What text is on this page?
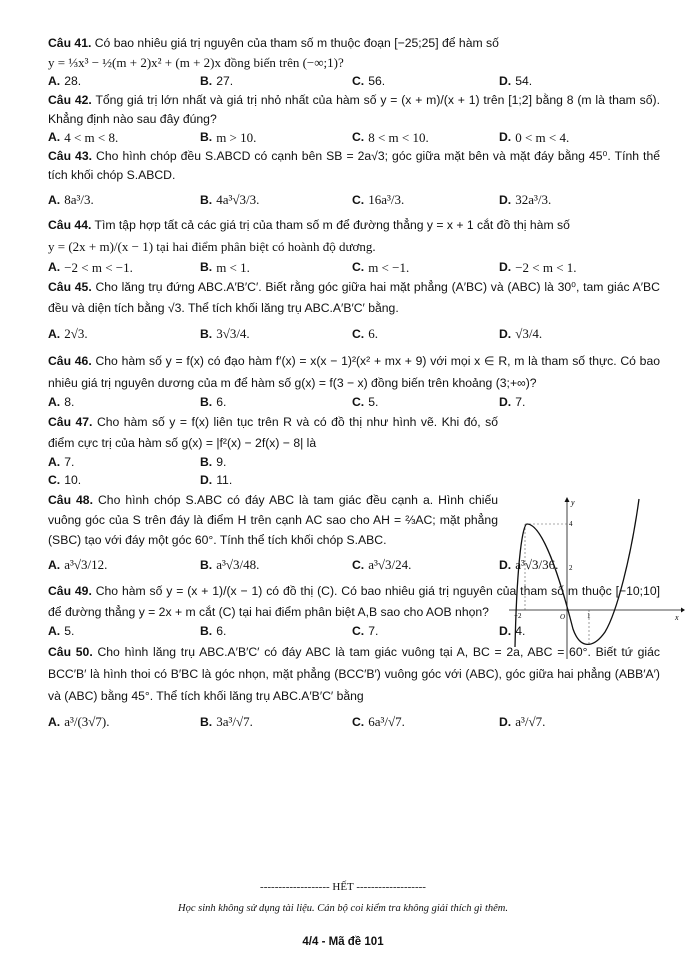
Câu 41. Có bao nhiêu giá trị nguyên của tham số m thuộc đoạn [−25;25] để hàm số

y = ⅓x³ − ½(m + 2)x² + (m + 2)x đồng biến trên (−∞;1)?

A. 28.	B. 27.	C. 56.	D. 54.

Câu 42. Tổng giá trị lớn nhất và giá trị nhỏ nhất của hàm số y = (x + m)/(x + 1) trên [1;2] bằng 8 (m là tham số). Khẳng định nào sau đây đúng?

A. 4 < m < 8.	B. m > 10.	C. 8 < m < 10.	D. 0 < m < 4.

Câu 43. Cho hình chóp đều S.ABCD có cạnh bên SB = 2a√3; góc giữa mặt bên và mặt đáy bằng 45⁰. Tính thể tích khối chóp S.ABCD.

A. 8a³/3.	B. 4a³√3/3.	C. 16a³/3.	D. 32a³/3.

Câu 44. Tìm tập hợp tất cả các giá trị của tham số m để đường thẳng y = x + 1 cắt đồ thị hàm số

y = (2x + m)/(x − 1) tại hai điểm phân biệt có hoành độ dương.

A. −2 < m < −1.	B. m < 1.	C. m < −1.	D. −2 < m < 1.

Câu 45. Cho lăng trụ đứng ABC.A′B′C′. Biết rằng góc giữa hai mặt phẳng (A′BC) và (ABC) là 30⁰, tam giác A′BC đều và diện tích bằng √3. Thể tích khối lăng trụ ABC.A′B′C′ bằng.

A. 2√3.	B. 3√3/4.	C. 6.	D. √3/4.

Câu 46. Cho hàm số y = f(x) có đạo hàm f′(x) = x(x − 1)²(x² + mx + 9) với mọi x ∈ R, m là tham số thực. Có bao nhiêu giá trị nguyên dương của m để hàm số g(x) = f(3 − x) đồng biến trên khoảng (3;+∞)?

A. 8.	B. 6.	C. 5.	D. 7.

Câu 47. Cho hàm số y = f(x) liên tục trên R và có đồ thị như hình vẽ. Khi đó, số điểm cực trị của hàm số g(x) = |f²(x) − 2f(x) − 8| là

A. 7.	B. 9.
C. 10.	D. 11.

Câu 48. Cho hình chóp S.ABC có đáy ABC là tam giác đều cạnh a. Hình chiếu vuông góc của S trên đáy là điểm H trên cạnh AC sao cho AH = ⅔AC; mặt phẳng (SBC) tạo với đáy một góc 60°. Tính thể tích khối chóp S.ABC.

A. a³√3/12.	B. a³√3/48.	C. a³√3/24.	D. a³√3/36.

Câu 49. Cho hàm số y = (x + 1)/(x − 1) có đồ thị (C). Có bao nhiêu giá trị nguyên của tham số m thuộc [−10;10] để đường thẳng y = 2x + m cắt (C) tại hai điểm phân biệt A,B sao cho AOB nhọn?

A. 5.	B. 6.	C. 7.	D. 4.

Câu 50. Cho hình lăng trụ ABC.A′B′C′ có đáy ABC là tam giác vuông tại A, BC = 2a, ABC = 60°. Biết tứ giác BCC′B′ là hình thoi có B′BC là góc nhọn, mặt phẳng (BCC′B′) vuông góc với (ABC), góc giữa hai phẳng (ABB′A′) và (ABC) bằng 45°. Thể tích khối lăng trụ ABC.A′B′C′ bằng

A. a³/(3√7).	B. 3a³/√7.	C. 6a³/√7.	D. a³/√7.
y
x
O
4
2
−2	1
------------------- HẾT -------------------
Học sinh không sử dụng tài liệu. Cán bộ coi kiểm tra không giải thích gì thêm.
4/4 - Mã đề 101
